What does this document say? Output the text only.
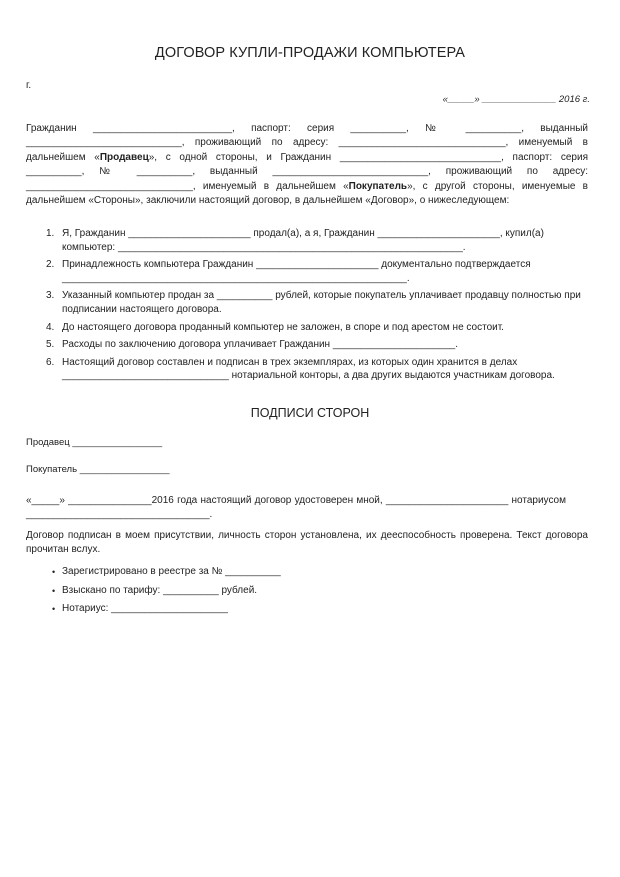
ДОГОВОР КУПЛИ-ПРОДАЖИ КОМПЬЮТЕРА
г.
«_____» ______________ 2016 г.

Гражданин _________________________, паспорт: серия __________, № __________, выданный ____________________________, проживающий по адресу: ______________________________, именуемый в дальнейшем «Продавец», с одной стороны, и Гражданин _____________________________, паспорт: серия __________, № __________, выданный ____________________________, проживающий по адресу: ______________________________, именуемый в дальнейшем «Покупатель», с другой стороны, именуемые в дальнейшем «Стороны», заключили настоящий договор, в дальнейшем «Договор», о нижеследующем:

1. Я, Гражданин ______________________ продал(а), а я, Гражданин ______________________, купил(а) компьютер: ______________________________________________________________.
2. Принадлежность компьютера Гражданин ______________________ документально подтверждается ______________________________________________________________.
3. Указанный компьютер продан за __________ рублей, которые покупатель уплачивает продавцу полностью при подписании настоящего договора.
4. До настоящего договора проданный компьютер не заложен, в споре и под арестом не состоит.
5. Расходы по заключению договора уплачивает Гражданин ______________________.
6. Настоящий договор составлен и подписан в трех экземплярах, из которых один хранится в делах ______________________________ нотариальной конторы, а два других выдаются участникам договора.
ПОДПИСИ СТОРОН
Продавец _________________
Покупатель _________________
«_____» _______________2016 года настоящий договор удостоверен мной, ______________________ нотариусом _________________________________.
Договор подписан в моем присутствии, личность сторон установлена, их дееспособность проверена. Текст договора прочитан вслух.
• Зарегистрировано в реестре за № __________
• Взыскано по тарифу: __________ рублей.
• Нотариус: _____________________
